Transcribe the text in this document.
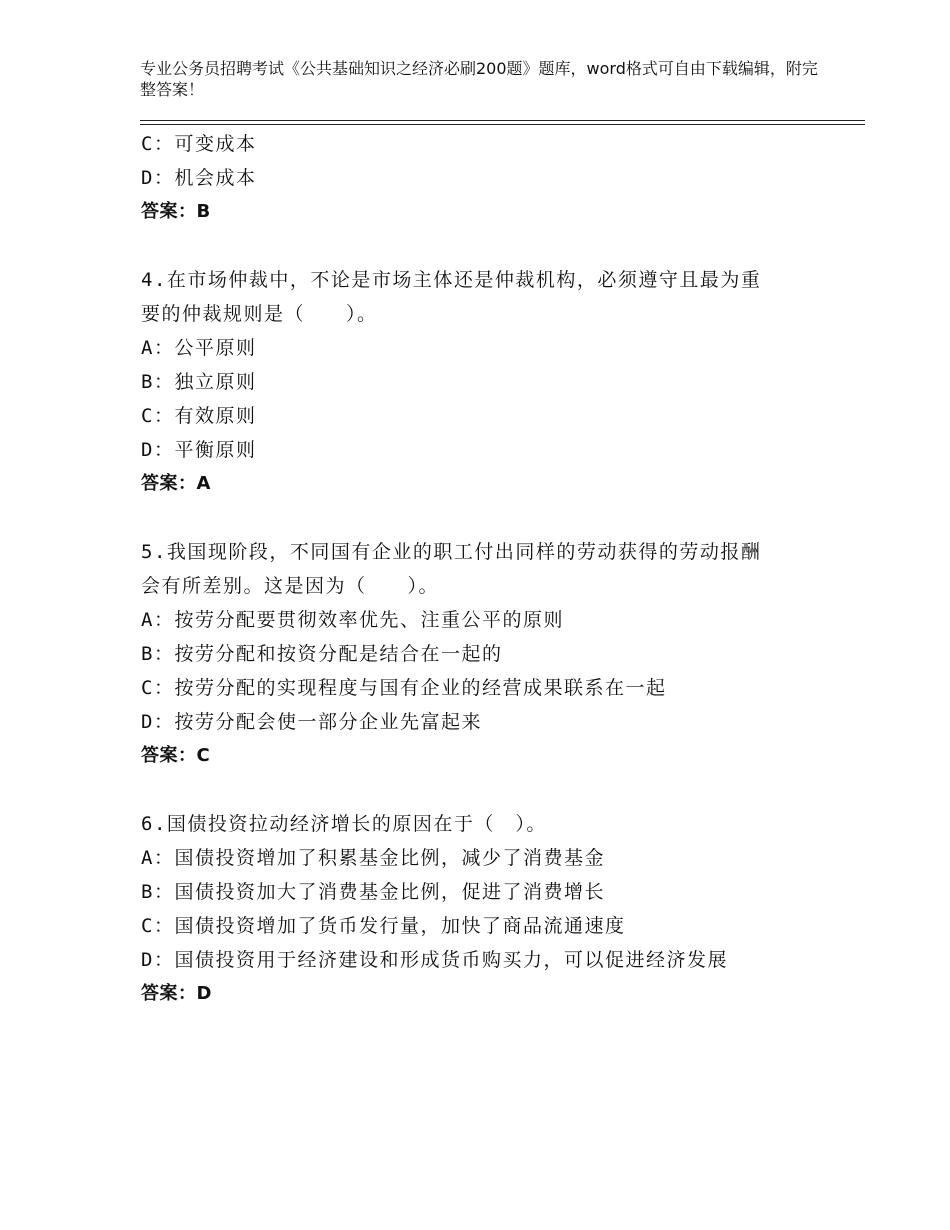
专业公务员招聘考试《公共基础知识之经济必刷200题》题库，word格式可自由下载编辑，附完整答案！
C：可变成本
D：机会成本
答案：B
4.在市场仲裁中，不论是市场主体还是仲裁机构，必须遵守且最为重
要的仲裁规则是（　　）。
A：公平原则
B：独立原则
C：有效原则
D：平衡原则
答案：A
5.我国现阶段，不同国有企业的职工付出同样的劳动获得的劳动报酬
会有所差别。这是因为（　　）。
A：按劳分配要贯彻效率优先、注重公平的原则
B：按劳分配和按资分配是结合在一起的
C：按劳分配的实现程度与国有企业的经营成果联系在一起
D：按劳分配会使一部分企业先富起来
答案：C
6.国债投资拉动经济增长的原因在于（　）。
A：国债投资增加了积累基金比例，减少了消费基金
B：国债投资加大了消费基金比例，促进了消费增长
C：国债投资增加了货币发行量，加快了商品流通速度
D：国债投资用于经济建设和形成货币购买力，可以促进经济发展
答案：D
